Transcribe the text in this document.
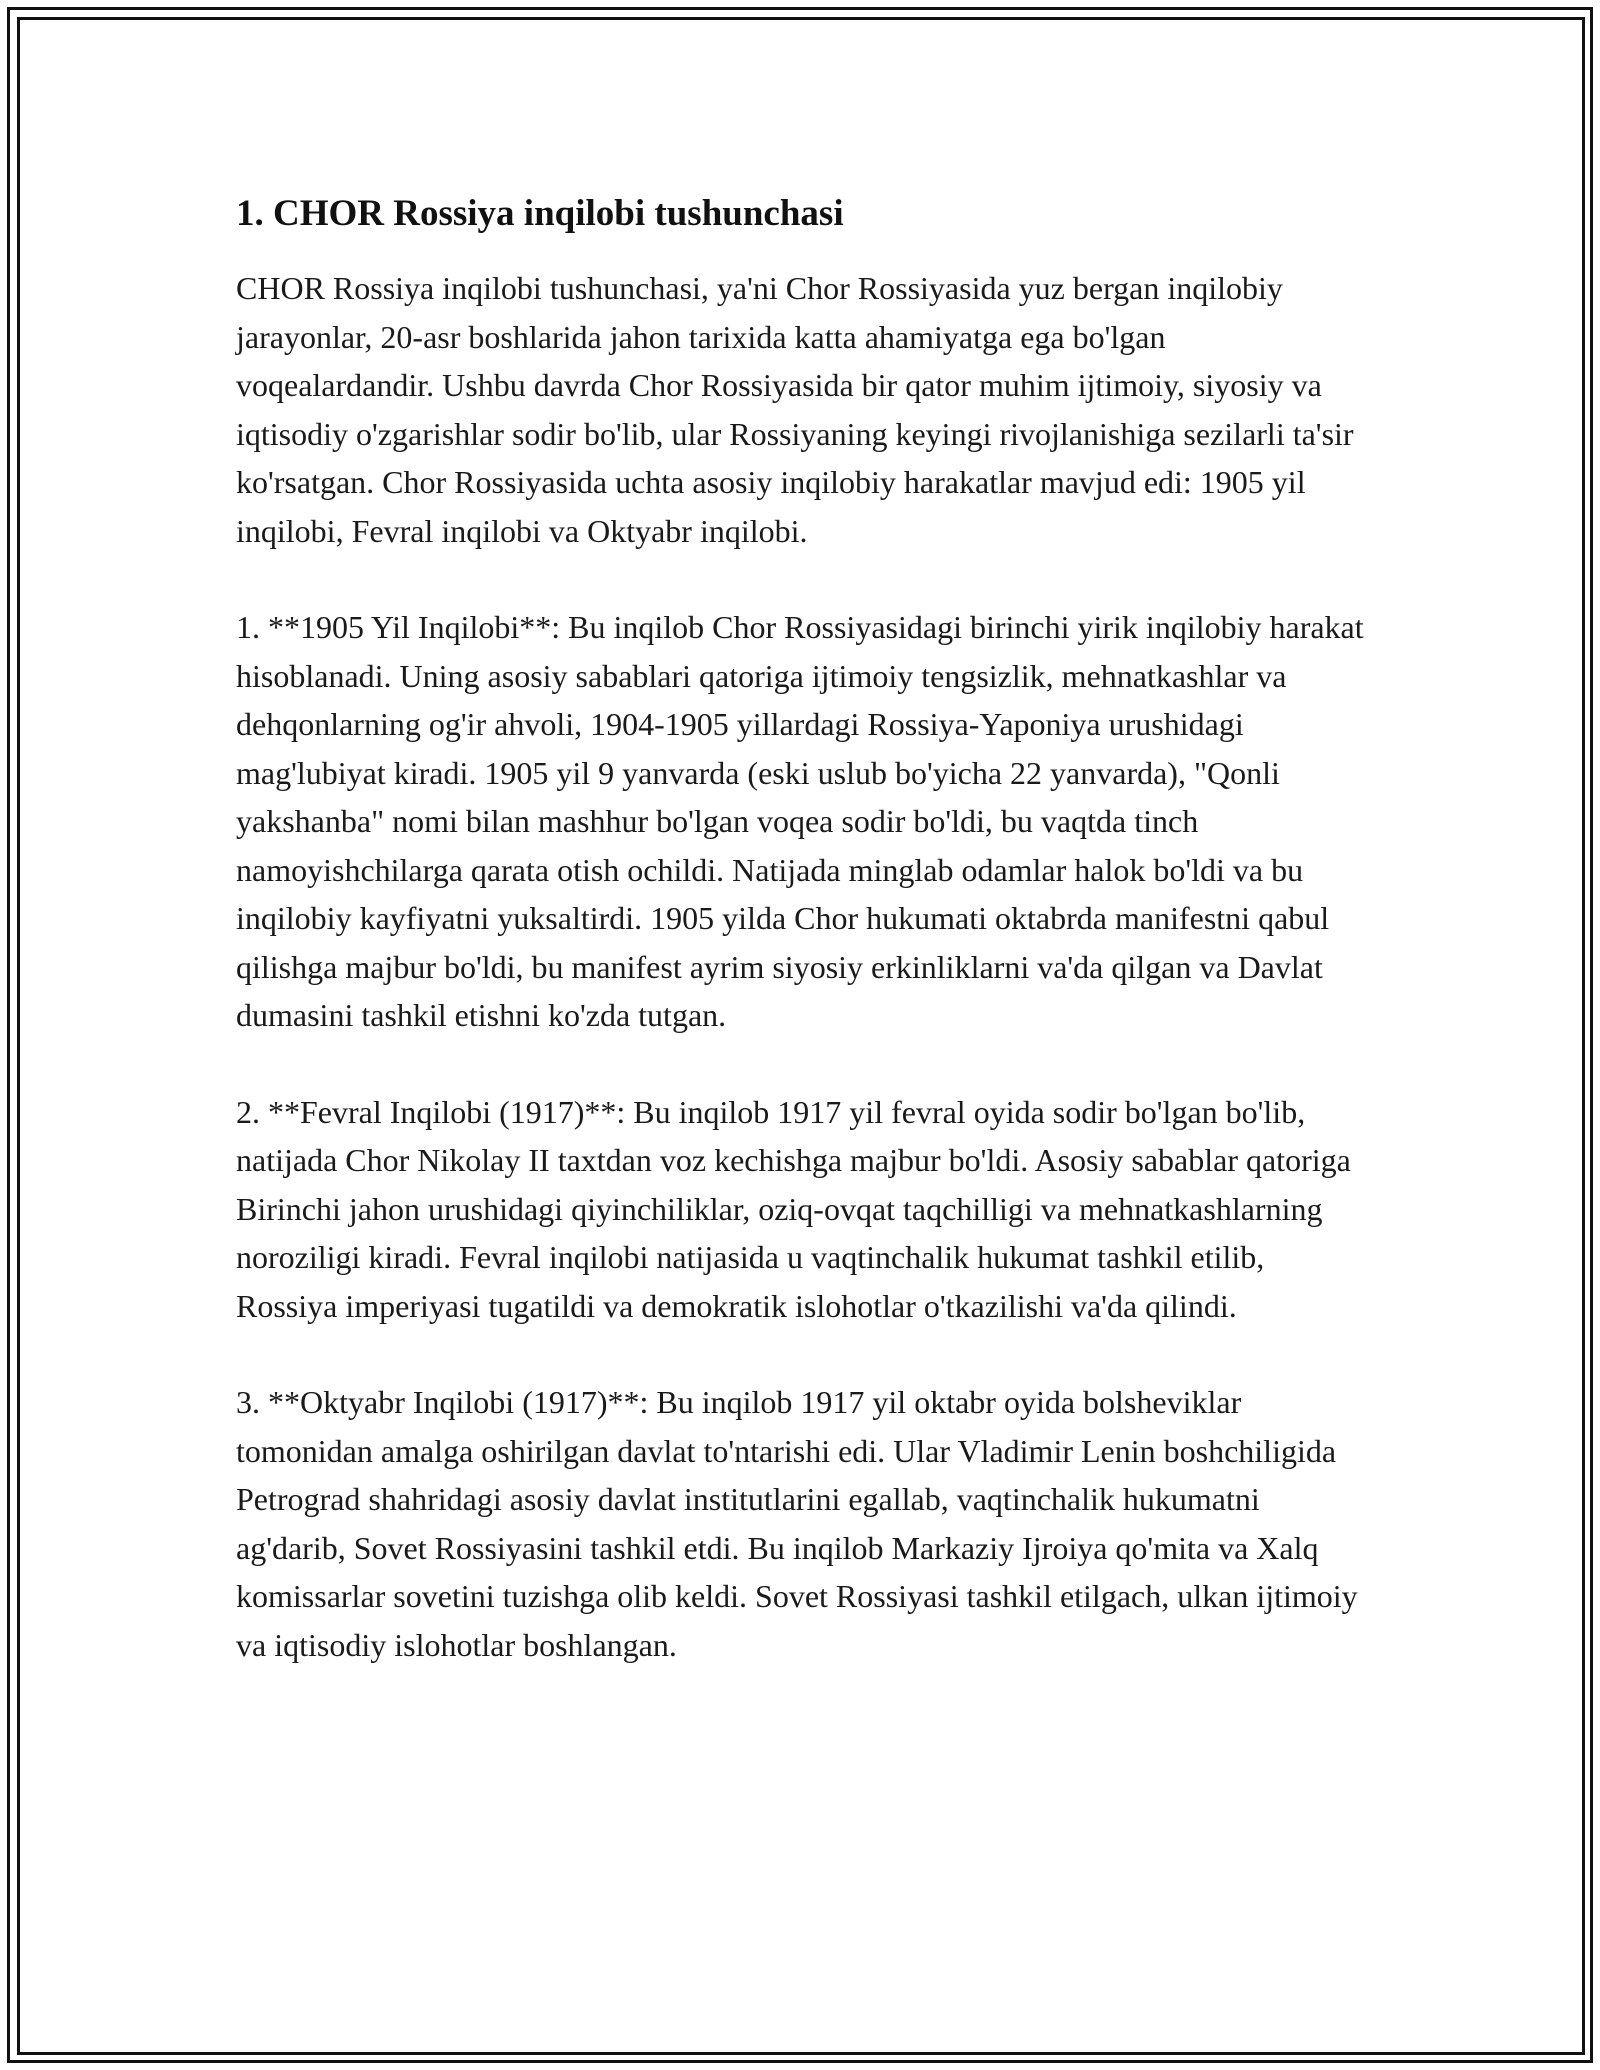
1. CHOR Rossiya inqilobi tushunchasi

CHOR Rossiya inqilobi tushunchasi, ya'ni Chor Rossiyasida yuz bergan inqilobiy jarayonlar, 20-asr boshlarida jahon tarixida katta ahamiyatga ega bo'lgan voqealardandir. Ushbu davrda Chor Rossiyasida bir qator muhim ijtimoiy, siyosiy va iqtisodiy o'zgarishlar sodir bo'lib, ular Rossiyaning keyingi rivojlanishiga sezilarli ta'sir ko'rsatgan. Chor Rossiyasida uchta asosiy inqilobiy harakatlar mavjud edi: 1905 yil inqilobi, Fevral inqilobi va Oktyabr inqilobi.

1. **1905 Yil Inqilobi**: Bu inqilob Chor Rossiyasidagi birinchi yirik inqilobiy harakat hisoblanadi. Uning asosiy sabablari qatoriga ijtimoiy tengsizlik, mehnatkashlar va dehqonlarning og'ir ahvoli, 1904-1905 yillardagi Rossiya-Yaponiya urushidagi mag'lubiyat kiradi. 1905 yil 9 yanvarda (eski uslub bo'yicha 22 yanvarda), "Qonli yakshanba" nomi bilan mashhur bo'lgan voqea sodir bo'ldi, bu vaqtda tinch namoyishchilarga qarata otish ochildi. Natijada minglab odamlar halok bo'ldi va bu inqilobiy kayfiyatni yuksaltirdi. 1905 yilda Chor hukumati oktabrda manifestni qabul qilishga majbur bo'ldi, bu manifest ayrim siyosiy erkinliklarni va'da qilgan va Davlat dumasini tashkil etishni ko'zda tutgan.

2. **Fevral Inqilobi (1917)**: Bu inqilob 1917 yil fevral oyida sodir bo'lgan bo'lib, natijada Chor Nikolay II taxtdan voz kechishga majbur bo'ldi. Asosiy sabablar qatoriga Birinchi jahon urushidagi qiyinchiliklar, oziq-ovqat taqchilligi va mehnatkashlarning noroziligi kiradi. Fevral inqilobi natijasida u vaqtinchalik hukumat tashkil etilib, Rossiya imperiyasi tugatildi va demokratik islohotlar o'tkazilishi va'da qilindi.

3. **Oktyabr Inqilobi (1917)**: Bu inqilob 1917 yil oktabr oyida bolsheviklar tomonidan amalga oshirilgan davlat to'ntarishi edi. Ular Vladimir Lenin boshchiligida Petrograd shahridagi asosiy davlat institutlarini egallab, vaqtinchalik hukumatni ag'darib, Sovet Rossiyasini tashkil etdi. Bu inqilob Markaziy Ijroiya qo'mita va Xalq komissarlar sovetini tuzishga olib keldi. Sovet Rossiyasi tashkil etilgach, ulkan ijtimoiy va iqtisodiy islohotlar boshlangan.
